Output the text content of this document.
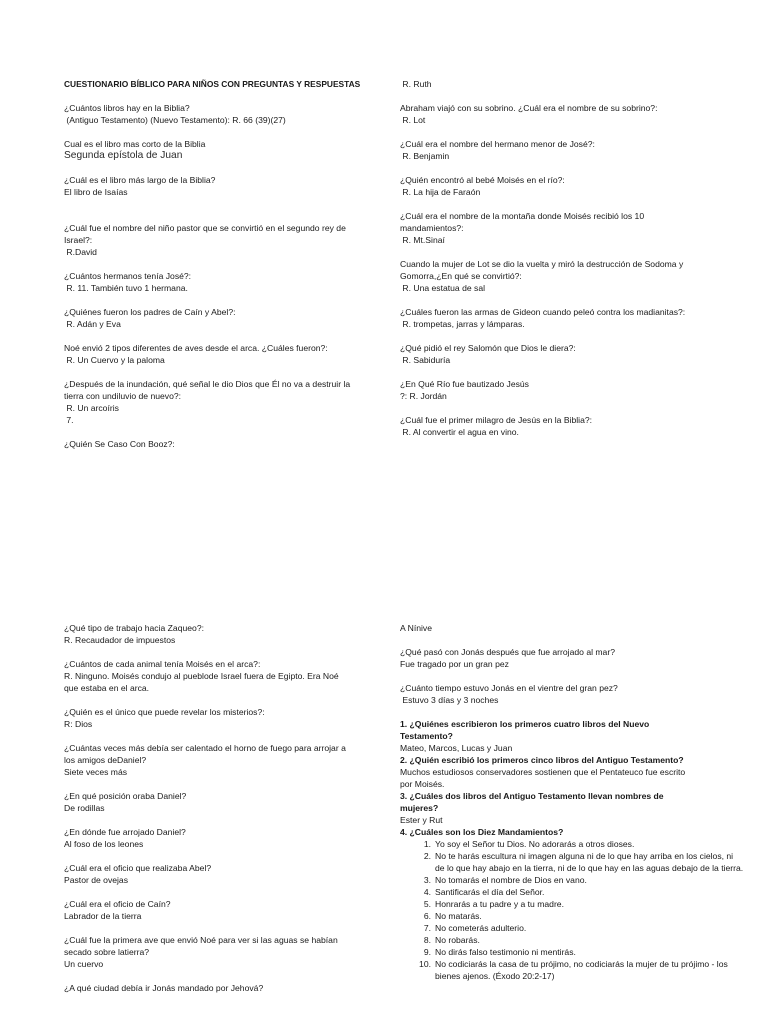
CUESTIONARIO BÍBLICO PARA NIÑOS CON PREGUNTAS Y RESPUESTAS
¿Cuántos libros hay en la Biblia?
(Antiguo Testamento) (Nuevo Testamento): R. 66 (39)(27)
Cual es el libro mas corto de la Biblia
Segunda epístola de Juan
¿Cuál es el libro más largo de la Biblia?
El libro de Isaías
¿Cuál fue el nombre del niño pastor que se convirtió en el segundo rey de
Israel?:
R.David
¿Cuántos hermanos tenía José?:
R. 11. También tuvo 1 hermana.
¿Quiénes fueron los padres de Caín y Abel?:
R. Adán y Eva
Noé envió 2 tipos diferentes de aves desde el arca. ¿Cuáles fueron?:
R. Un Cuervo y la paloma
¿Después de la inundación, qué señal le dio Dios que Él no va a destruir la
tierra con undiluvio de nuevo?:
R. Un arcoíris
7.
¿Quién Se Caso Con Booz?:
R. Ruth
Abraham viajó con su sobrino. ¿Cuál era el nombre de su sobrino?:
R. Lot
¿Cuál era el nombre del hermano menor de José?:
R. Benjamin
¿Quién encontró al bebé Moisés en el río?:
R. La hija de Faraón
¿Cuál era el nombre de la montaña donde Moisés recibió los 10
mandamientos?:
R. Mt.Sinaí
Cuando la mujer de Lot se dio la vuelta y miró la destrucción de Sodoma y
Gomorra,¿En qué se convirtió?:
R. Una estatua de sal
¿Cuáles fueron las armas de Gideon cuando peleó contra los madianitas?:
R. trompetas, jarras y lámparas.
¿Qué pidió el rey Salomón que Dios le diera?:
R. Sabiduría
¿En Qué Río fue bautizado Jesús
?: R. Jordán
¿Cuál fue el primer milagro de Jesús en la Biblia?:
R. Al convertir el agua en vino.
¿Qué tipo de trabajo hacia Zaqueo?:
R. Recaudador de impuestos
¿Cuántos de cada animal tenía Moisés en el arca?:
R. Ninguno. Moisés condujo al pueblode Israel fuera de Egipto. Era Noé
que estaba en el arca.
¿Quién es el único que puede revelar los misterios?:
R: Dios
¿Cuántas veces más debía ser calentado el horno de fuego para arrojar a
los amigos deDaniel?
Siete veces más
¿En qué posición oraba Daniel?
De rodillas
¿En dónde fue arrojado Daniel?
Al foso de los leones
¿Cuál era el oficio que realizaba Abel?
Pastor de ovejas
¿Cuál era el oficio de Caín?
Labrador de la tierra
¿Cuál fue la primera ave que envió Noé para ver si las aguas se habían
secado sobre latierra?
Un cuervo
¿A qué ciudad debía ir Jonás mandado por Jehová?
A Nínive
¿Qué pasó con Jonás después que fue arrojado al mar?
Fue tragado por un gran pez
¿Cuánto tiempo estuvo Jonás en el vientre del gran pez?
Estuvo 3 días y 3 noches
1. ¿Quiénes escribieron los primeros cuatro libros del Nuevo
Testamento?
Mateo, Marcos, Lucas y Juan
2. ¿Quién escribió los primeros cinco libros del Antiguo Testamento?
Muchos estudiosos conservadores sostienen que el Pentateuco fue escrito
por Moisés.
3. ¿Cuáles dos libros del Antiguo Testamento llevan nombres de
mujeres?
Ester y Rut
4. ¿Cuáles son los Diez Mandamientos?
1. Yo soy el Señor tu Dios. No adorarás a otros dioses.
2. No te harás escultura ni imagen alguna ni de lo que hay arriba en los cielos, ni de lo que hay abajo en la tierra, ni de lo que hay en las aguas debajo de la tierra.
3. No tomarás el nombre de Dios en vano.
4. Santificarás el día del Señor.
5. Honrarás a tu padre y a tu madre.
6. No matarás.
7. No cometerás adulterio.
8. No robarás.
9. No dirás falso testimonio ni mentirás.
10. No codiciarás la casa de tu prójimo, no codiciarás la mujer de tu prójimo - los bienes ajenos. (Éxodo 20:2-17)
